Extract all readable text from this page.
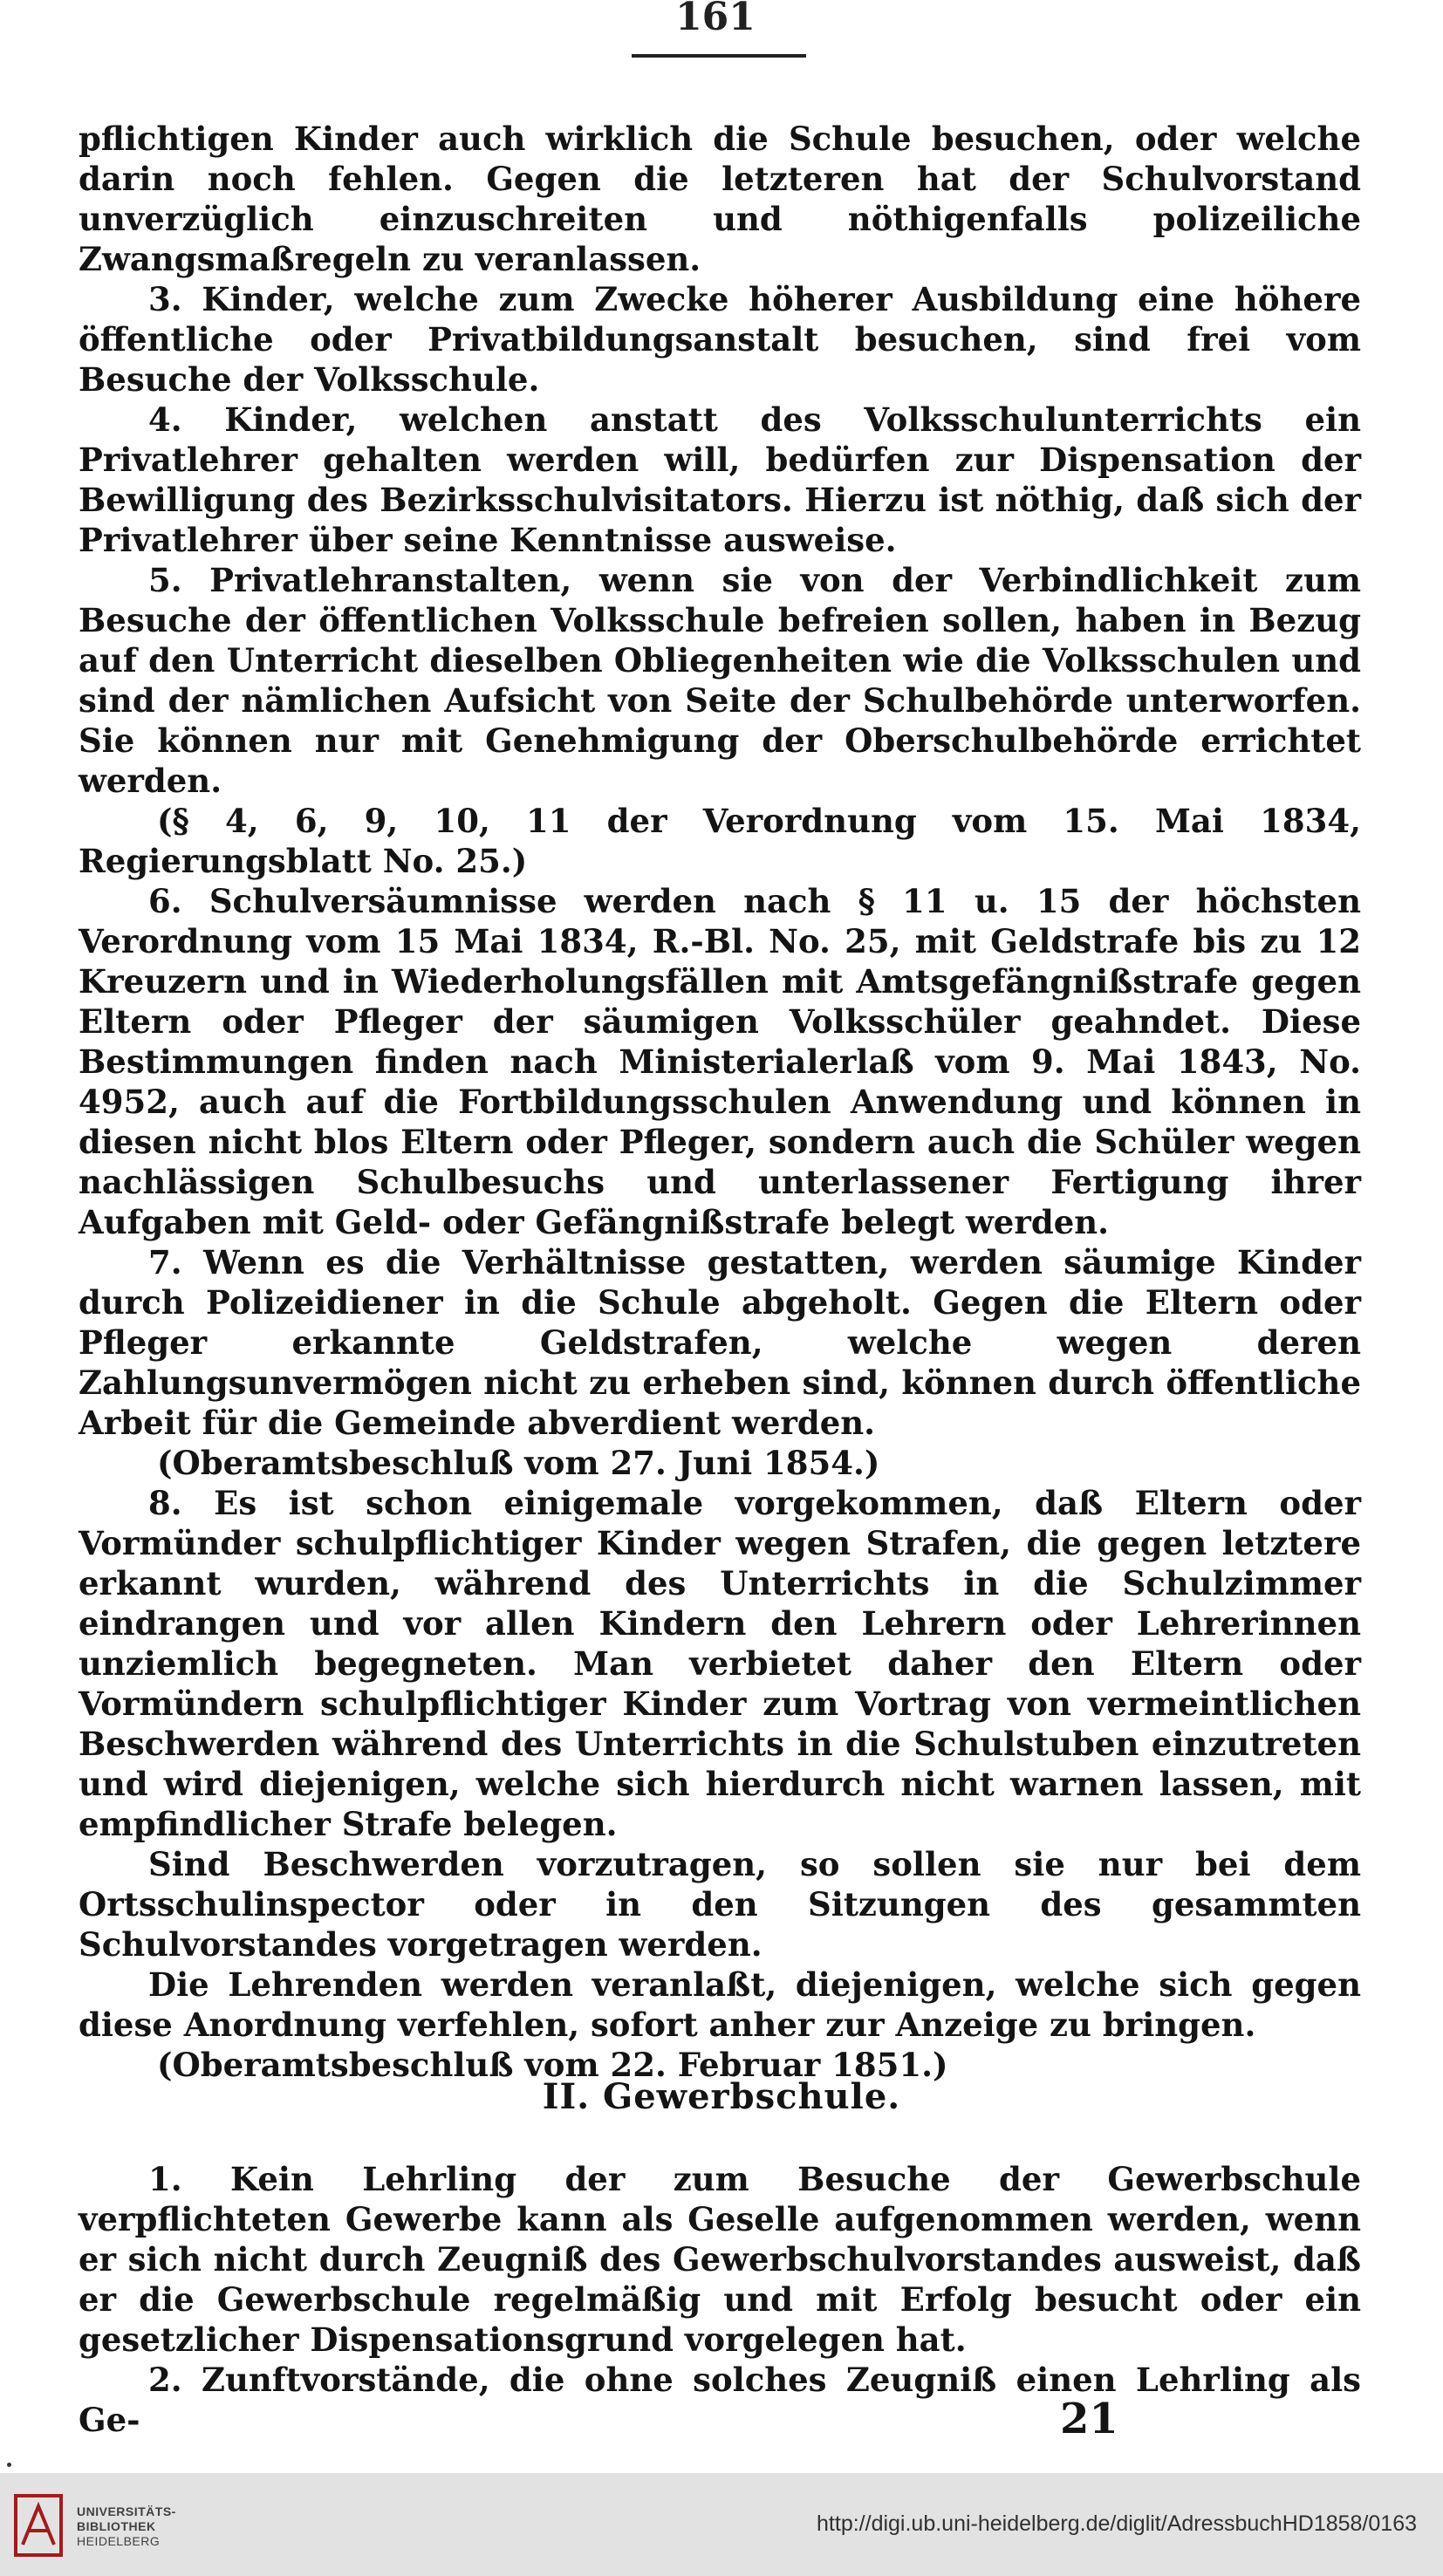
161

pflichtigen Kinder auch wirklich die Schule besuchen, oder welche darin noch fehlen. Gegen die letzteren hat der Schulvorstand unverzüglich einzuschreiten und nöthigenfalls polizeiliche Zwangsmaßregeln zu veranlassen.

3. Kinder, welche zum Zwecke höherer Ausbildung eine höhere öffentliche oder Privatbildungsanstalt besuchen, sind frei vom Besuche der Volksschule.

4. Kinder, welchen anstatt des Volksschulunterrichts ein Privatlehrer gehalten werden will, bedürfen zur Dispensation der Bewilligung des Bezirksschulvisitators. Hierzu ist nöthig, daß sich der Privatlehrer über seine Kenntnisse ausweise.

5. Privatlehranstalten, wenn sie von der Verbindlichkeit zum Besuche der öffentlichen Volksschule befreien sollen, haben in Bezug auf den Unterricht dieselben Obliegenheiten wie die Volksschulen und sind der nämlichen Aufsicht von Seite der Schulbehörde unterworfen. Sie können nur mit Genehmigung der Oberschulbehörde errichtet werden.

(§ 4, 6, 9, 10, 11 der Verordnung vom 15. Mai 1834, Regierungsblatt No. 25.)

6. Schulversäumnisse werden nach § 11 u. 15 der höchsten Verordnung vom 15 Mai 1834, R.-Bl. No. 25, mit Geldstrafe bis zu 12 Kreuzern und in Wiederholungsfällen mit Amtsgefängnißstrafe gegen Eltern oder Pfleger der säumigen Volksschüler geahndet. Diese Bestimmungen finden nach Ministerialerlaß vom 9. Mai 1843, No. 4952, auch auf die Fortbildungsschulen Anwendung und können in diesen nicht blos Eltern oder Pfleger, sondern auch die Schüler wegen nachlässigen Schulbesuchs und unterlassener Fertigung ihrer Aufgaben mit Geld- oder Gefängnißstrafe belegt werden.

7. Wenn es die Verhältnisse gestatten, werden säumige Kinder durch Polizeidiener in die Schule abgeholt. Gegen die Eltern oder Pfleger erkannte Geldstrafen, welche wegen deren Zahlungsunvermögen nicht zu erheben sind, können durch öffentliche Arbeit für die Gemeinde abverdient werden.

(Oberamtsbeschluß vom 27. Juni 1854.)

8. Es ist schon einigemale vorgekommen, daß Eltern oder Vormünder schulpflichtiger Kinder wegen Strafen, die gegen letztere erkannt wurden, während des Unterrichts in die Schulzimmer eindrangen und vor allen Kindern den Lehrern oder Lehrerinnen unziemlich begegneten. Man verbietet daher den Eltern oder Vormündern schulpflichtiger Kinder zum Vortrag von vermeintlichen Beschwerden während des Unterrichts in die Schulstuben einzutreten und wird diejenigen, welche sich hierdurch nicht warnen lassen, mit empfindlicher Strafe belegen.

Sind Beschwerden vorzutragen, so sollen sie nur bei dem Ortsschulinspector oder in den Sitzungen des gesammten Schulvorstandes vorgetragen werden.

Die Lehrenden werden veranlaßt, diejenigen, welche sich gegen diese Anordnung verfehlen, sofort anher zur Anzeige zu bringen.

(Oberamtsbeschluß vom 22. Februar 1851.)

II. Gewerbschule.

1. Kein Lehrling der zum Besuche der Gewerbschule verpflichteten Gewerbe kann als Geselle aufgenommen werden, wenn er sich nicht durch Zeugniß des Gewerbschulvorstandes ausweist, daß er die Gewerbschule regelmäßig und mit Erfolg besucht oder ein gesetzlicher Dispensationsgrund vorgelegen hat.

2. Zunftvorstände, die ohne solches Zeugniß einen Lehrling als Ge-	21
UNIVERSITÄTS-
BIBLIOTHEK
HEIDELBERG
http://digi.ub.uni-heidelberg.de/diglit/AdressbuchHD1858/0163
